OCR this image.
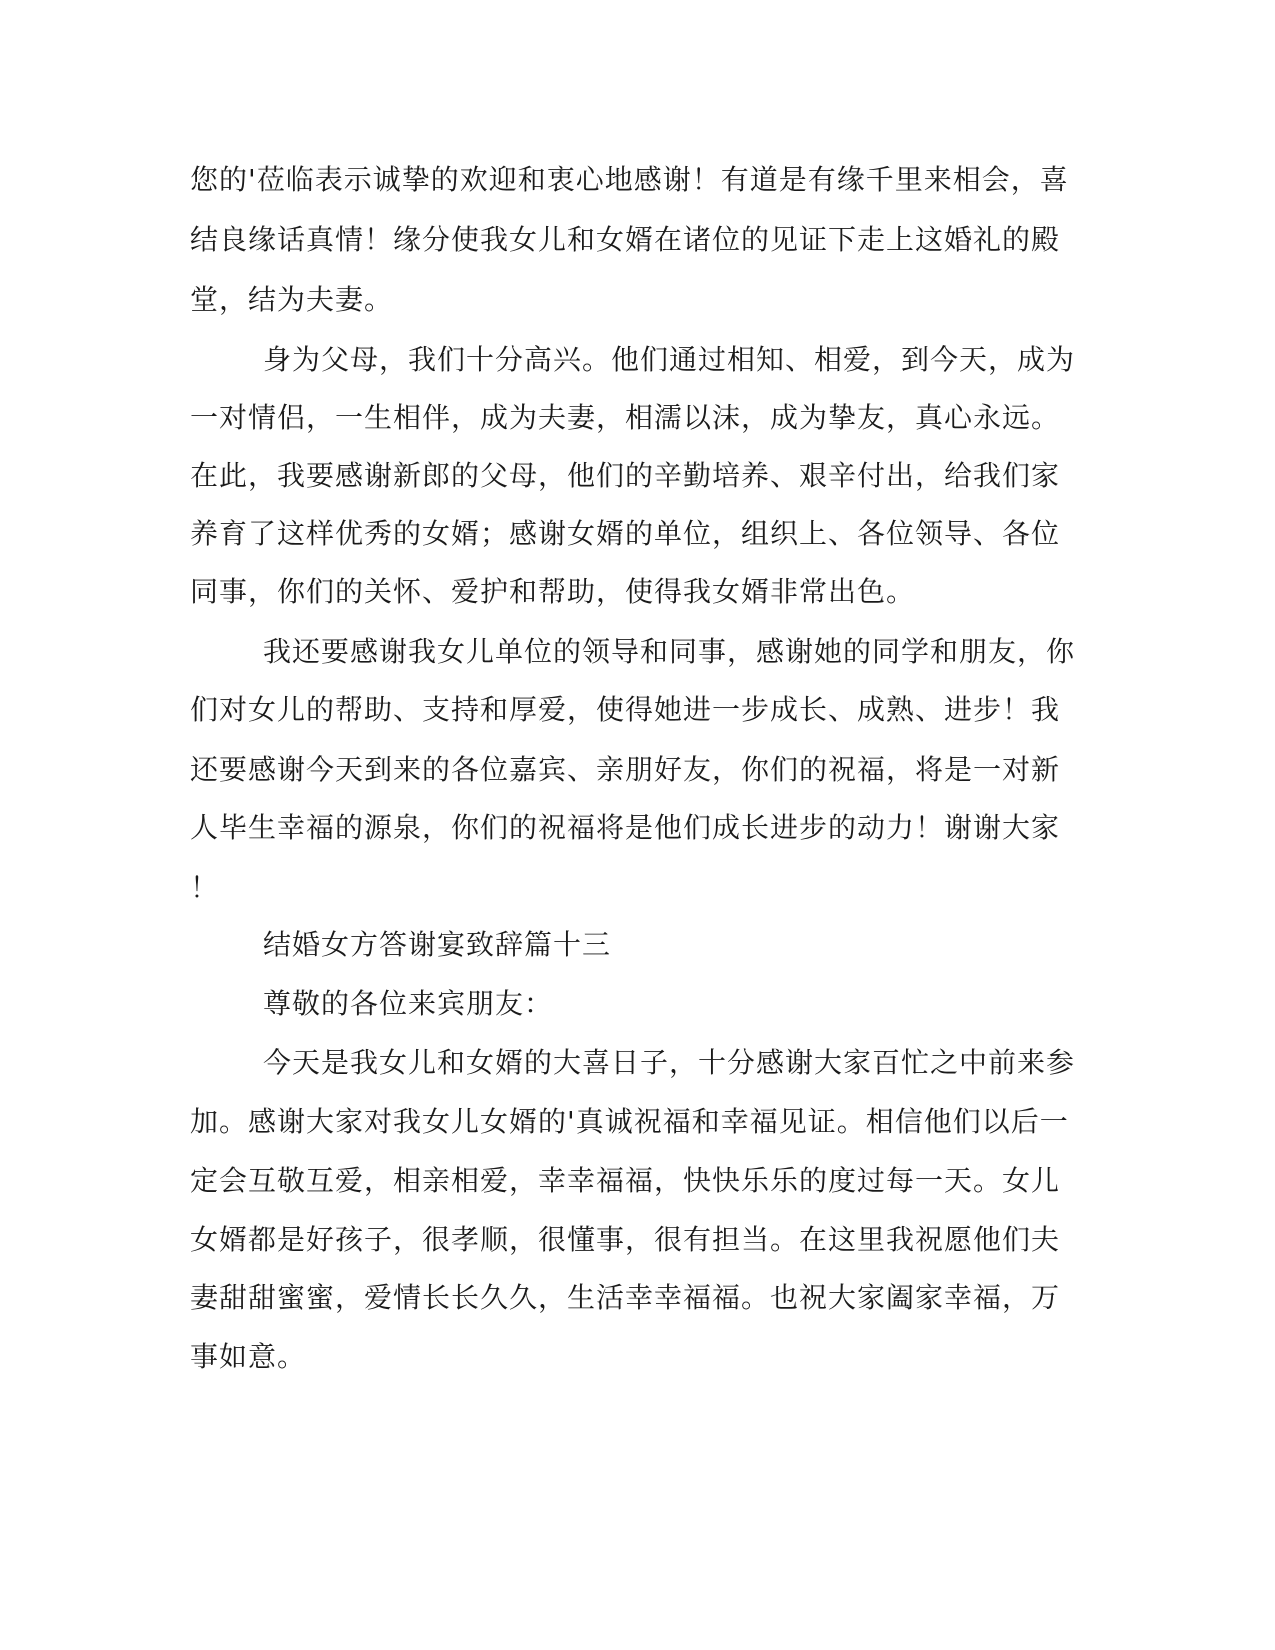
您的'莅临表示诚挚的欢迎和衷心地感谢！有道是有缘千里来相会，喜
结良缘话真情！缘分使我女儿和女婿在诸位的见证下走上这婚礼的殿
堂，结为夫妻。
身为父母，我们十分高兴。他们通过相知、相爱，到今天，成为
一对情侣，一生相伴，成为夫妻，相濡以沫，成为挚友，真心永远。
在此，我要感谢新郎的父母，他们的辛勤培养、艰辛付出，给我们家
养育了这样优秀的女婿；感谢女婿的单位，组织上、各位领导、各位
同事，你们的关怀、爱护和帮助，使得我女婿非常出色。
我还要感谢我女儿单位的领导和同事，感谢她的同学和朋友，你
们对女儿的帮助、支持和厚爱，使得她进一步成长、成熟、进步！我
还要感谢今天到来的各位嘉宾、亲朋好友，你们的祝福，将是一对新
人毕生幸福的源泉，你们的祝福将是他们成长进步的动力！谢谢大家
！
结婚女方答谢宴致辞篇十三
尊敬的各位来宾朋友：
今天是我女儿和女婿的大喜日子，十分感谢大家百忙之中前来参
加。感谢大家对我女儿女婿的'真诚祝福和幸福见证。相信他们以后一
定会互敬互爱，相亲相爱，幸幸福福，快快乐乐的度过每一天。女儿
女婿都是好孩子，很孝顺，很懂事，很有担当。在这里我祝愿他们夫
妻甜甜蜜蜜，爱情长长久久，生活幸幸福福。也祝大家阖家幸福，万
事如意。
